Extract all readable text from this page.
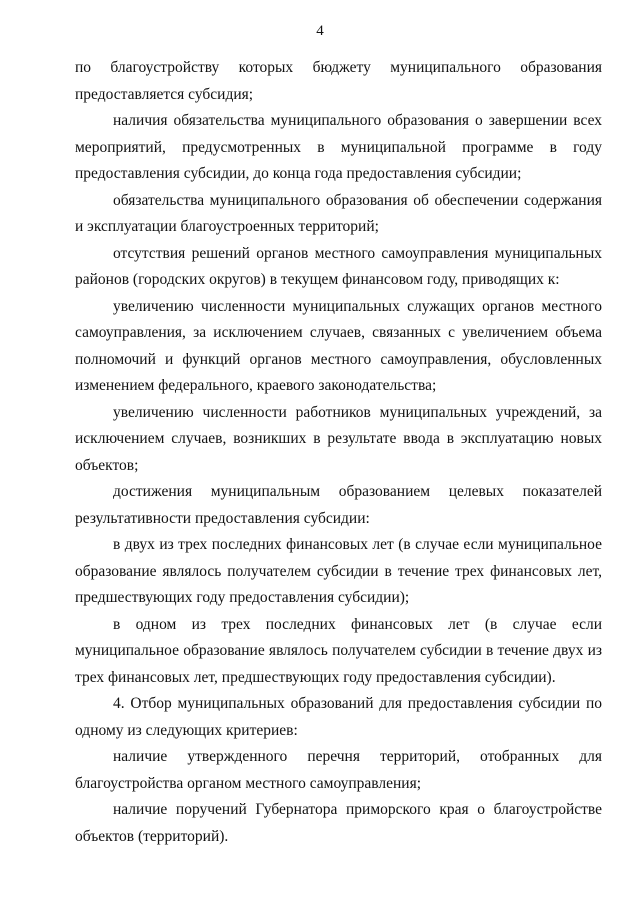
4

по благоустройству которых бюджету муниципального образования предоставляется субсидия;

наличия обязательства муниципального образования о завершении всех мероприятий, предусмотренных в муниципальной программе в году предоставления субсидии, до конца года предоставления субсидии;

обязательства муниципального образования об обеспечении содержания и эксплуатации благоустроенных территорий;

отсутствия решений органов местного самоуправления муниципальных районов (городских округов) в текущем финансовом году, приводящих к:

увеличению численности муниципальных служащих органов местного самоуправления, за исключением случаев, связанных с увеличением объема полномочий и функций органов местного самоуправления, обусловленных изменением федерального, краевого законодательства;

увеличению численности работников муниципальных учреждений, за исключением случаев, возникших в результате ввода в эксплуатацию новых объектов;

достижения муниципальным образованием целевых показателей результативности предоставления субсидии:

в двух из трех последних финансовых лет (в случае если муниципальное образование являлось получателем субсидии в течение трех финансовых лет, предшествующих году предоставления субсидии);

в одном из трех последних финансовых лет (в случае если муниципальное образование являлось получателем субсидии в течение двух из трех финансовых лет, предшествующих году предоставления субсидии).

4. Отбор муниципальных образований для предоставления субсидии по одному из следующих критериев:

наличие утвержденного перечня территорий, отобранных для благоустройства органом местного самоуправления;

наличие поручений Губернатора приморского края о благоустройстве объектов (территорий).
